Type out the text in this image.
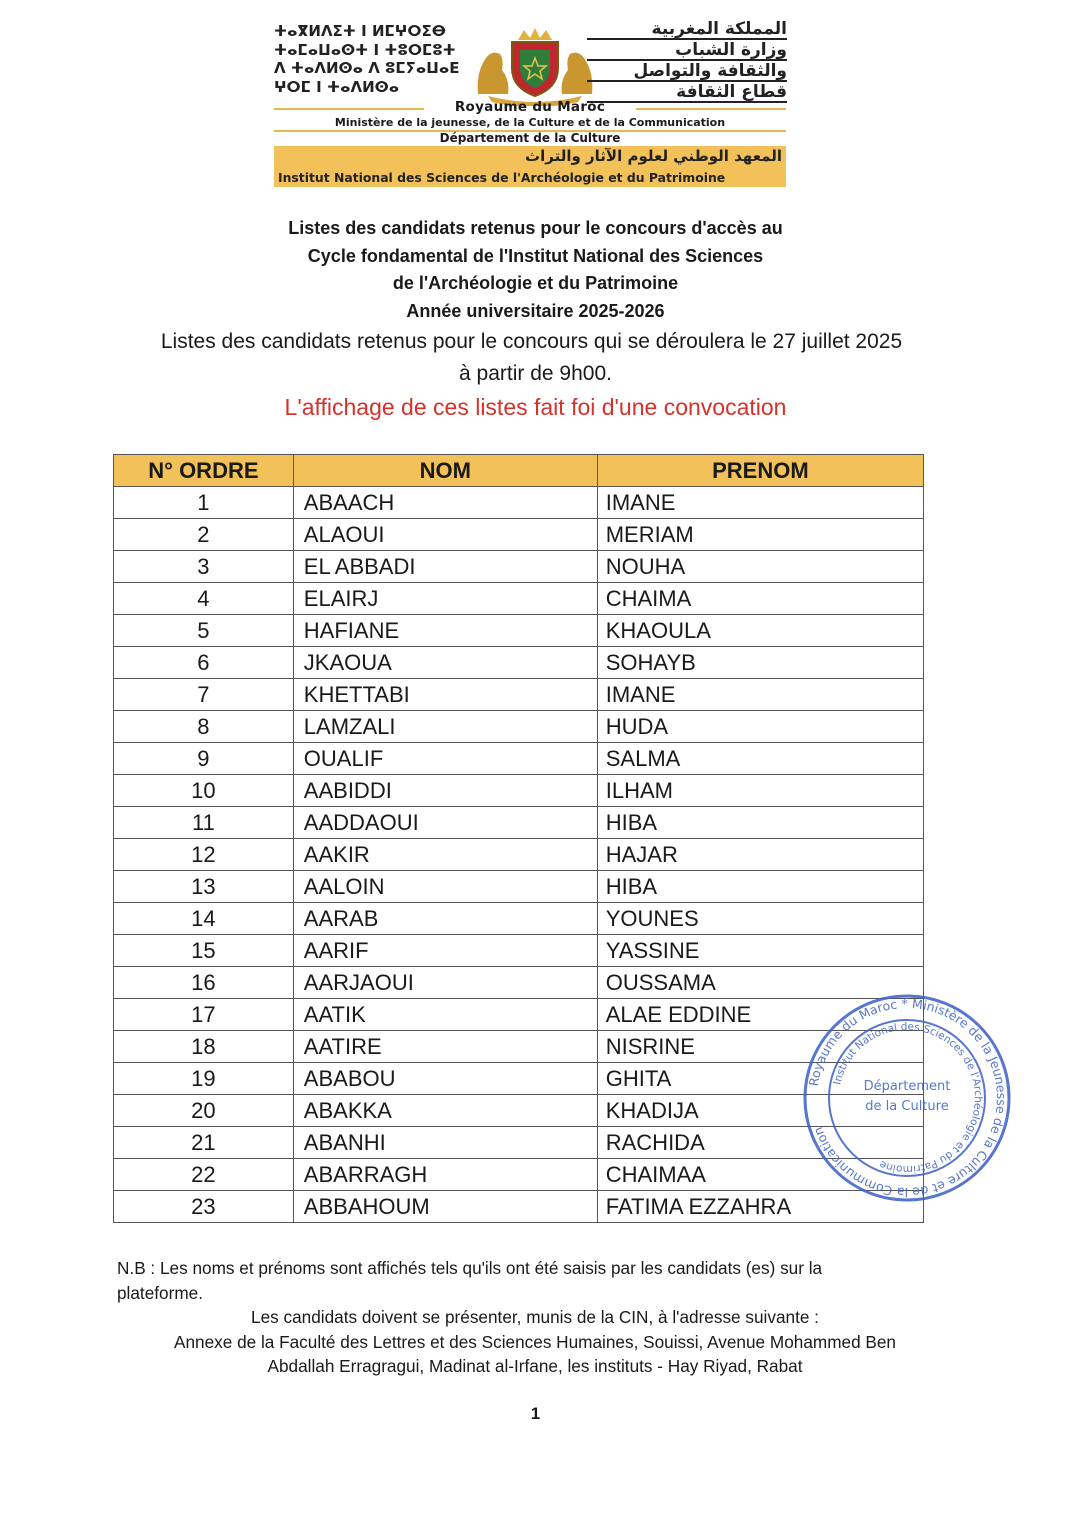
ⵜⴰⴳⵍⴷⵉⵜ ⵏ ⵍⵎⵖⵔⵉⴱ
ⵜⴰⵎⴰⵡⴰⵙⵜ ⵏ ⵜⵓⵔⵎⵓⵜ
ⴷ ⵜⴰⴷⵍⵙⴰ ⴷ ⵓⵎⵢⴰⵡⴰⴹ
ⵖⵔⵎ ⵏ ⵜⴰⴷⵍⵙⴰ
المملكة المغربية
وزارة الشباب
والثقافة والتواصل
قطاع الثقافة
Royaume du Maroc
Ministère de la jeunesse, de la Culture et de la Communication
Département de la Culture
المعهد الوطني لعلوم الآثار والتراث
Institut National des Sciences de l'Archéologie et du Patrimoine
Listes des candidats retenus pour le concours d'accès au
Cycle fondamental de l'Institut National des Sciences
de l'Archéologie et du Patrimoine
Année universitaire 2025-2026
Listes des candidats retenus pour le concours qui se déroulera le 27 juillet 2025
à partir de 9h00.
L'affichage de ces listes fait foi d'une convocation
N° ORDRE	NOM	PRENOM
1	ABAACH	IMANE
2	ALAOUI	MERIAM
3	EL ABBADI	NOUHA
4	ELAIRJ	CHAIMA
5	HAFIANE	KHAOULA
6	JKAOUA	SOHAYB
7	KHETTABI	IMANE
8	LAMZALI	HUDA
9	OUALIF	SALMA
10	AABIDDI	ILHAM
11	AADDAOUI	HIBA
12	AAKIR	HAJAR
13	AALOIN	HIBA
14	AARAB	YOUNES
15	AARIF	YASSINE
16	AARJAOUI	OUSSAMA
17	AATIK	ALAE EDDINE
18	AATIRE	NISRINE
19	ABABOU	GHITA
20	ABAKKA	KHADIJA
21	ABANHI	RACHIDA
22	ABARRAGH	CHAIMAA
23	ABBAHOUM	FATIMA EZZAHRA
Royaume du Maroc * Ministère de la Jeunesse de la Culture et de la Communication
Institut National des Sciences de l'Archéologie et du Patrimoine
Département
de la Culture
N.B : Les noms et prénoms sont affichés tels qu'ils ont été saisis par les candidats (es) sur la
plateforme.
Les candidats doivent se présenter, munis de la CIN, à l'adresse suivante :
Annexe de la Faculté des Lettres et des Sciences Humaines, Souissi, Avenue Mohammed Ben
Abdallah Erragragui, Madinat al-Irfane, les instituts - Hay Riyad, Rabat
1
